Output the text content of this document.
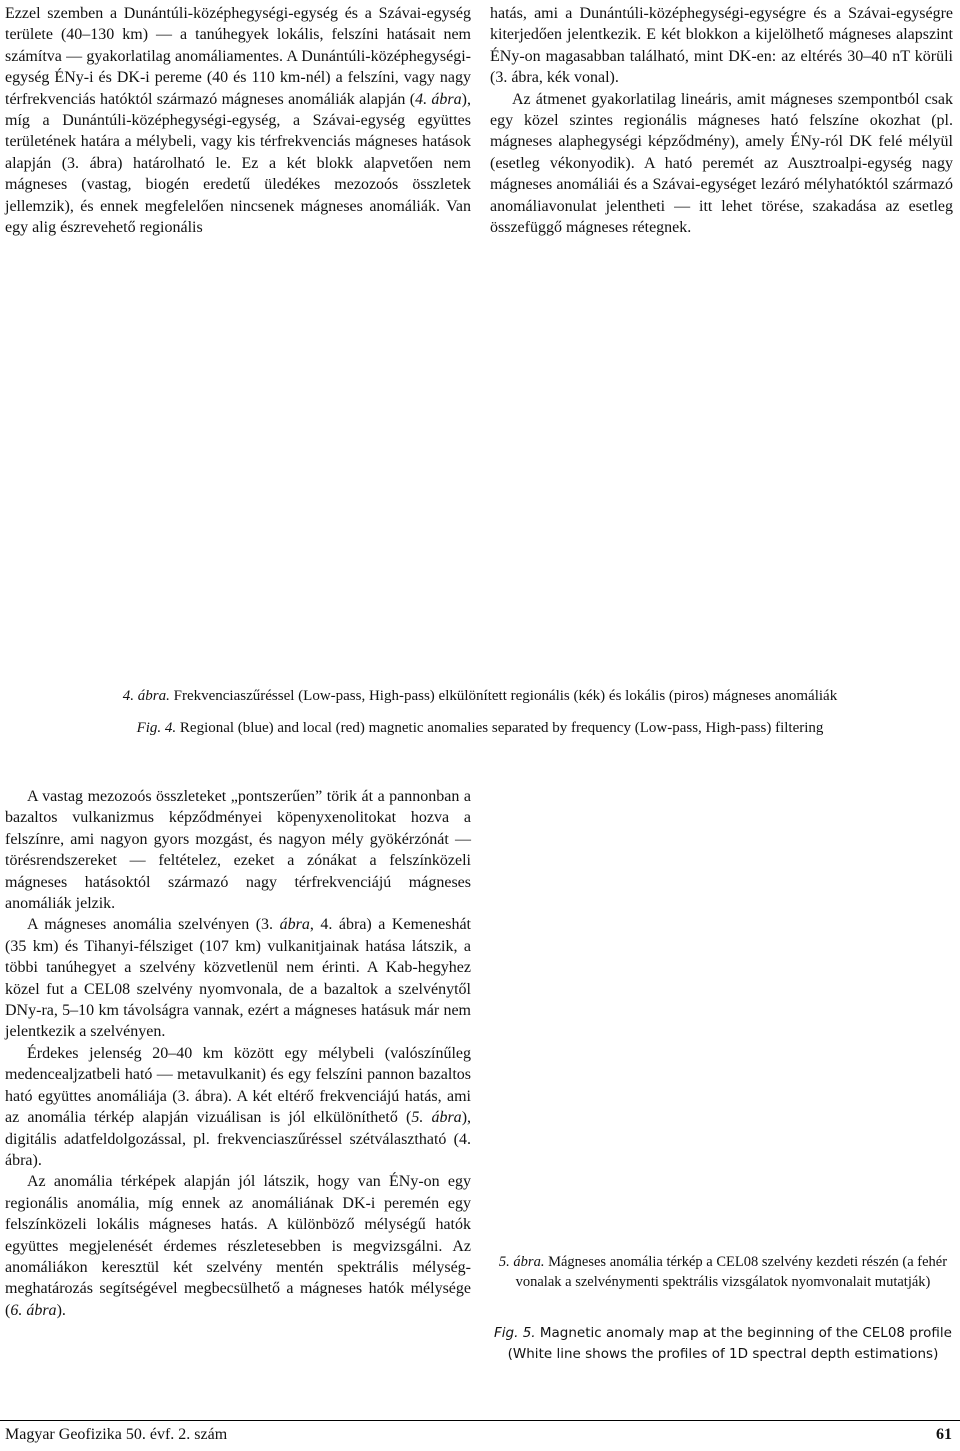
Ezzel szemben a Dunántúli-középhegységi-egység és a Szávai-egység területe (40–130 km) — a tanúhegyek lokális, felszíni hatásait nem számítva — gyakorlatilag anomáliamentes. A Dunántúli-középhegységi-egység ÉNy-i és DK-i pereme (40 és 110 km-nél) a felszíni, vagy nagy térfrekvenciás hatóktól származó mágneses anomáliák alapján (4. ábra), míg a Dunántúli-középhegységi-egység, a Szávai-egység együttes területének határa a mélybeli, vagy kis térfrekvenciás mágneses hatások alapján (3. ábra) határolható le. Ez a két blokk alapvetően nem mágneses (vastag, biogén eredetű üledékes mezozoós összletek jellemzik), és ennek megfelelően nincsenek mágneses anomáliák. Van egy alig észrevehető regionális

hatás, ami a Dunántúli-középhegységi-egységre és a Szávai-egységre kiterjedően jelentkezik. E két blokkon a kijelölhető mágneses alapszint ÉNy-on magasabban található, mint DK-en: az eltérés 30–40 nT körüli (3. ábra, kék vonal).

Az átmenet gyakorlatilag lineáris, amit mágneses szempontból csak egy közel szintes regionális mágneses ható felszíne okozhat (pl. mágneses alaphegységi képződmény), amely ÉNy-ról DK felé mélyül (esetleg vékonyodik). A ható peremét az Ausztroalpi-egység nagy mágneses anomáliái és a Szávai-egységet lezáró mélyhatóktól származó anomáliavonulat jelentheti — itt lehet törése, szakadása az esetleg összefüggő mágneses rétegnek.

4. ábra. Frekvenciaszűréssel (Low-pass, High-pass) elkülönített regionális (kék) és lokális (piros) mágneses anomáliák
Fig. 4. Regional (blue) and local (red) magnetic anomalies separated by frequency (Low-pass, High-pass) filtering

A vastag mezozoós összleteket „pontszerűen” törik át a pannonban a bazaltos vulkanizmus képződményei köpenyxenolitokat hozva a felszínre, ami nagyon gyors mozgást, és nagyon mély gyökérzónát — törésrendszereket — feltételez, ezeket a zónákat a felszínközeli mágneses hatásoktól származó nagy térfrekvenciájú mágneses anomáliák jelzik.

A mágneses anomália szelvényen (3. ábra, 4. ábra) a Kemeneshát (35 km) és Tihanyi-félsziget (107 km) vulkanitjainak hatása látszik, a többi tanúhegyet a szelvény közvetlenül nem érinti. A Kab-hegyhez közel fut a CEL08 szelvény nyomvonala, de a bazaltok a szelvénytől DNy-ra, 5–10 km távolságra vannak, ezért a mágneses hatásuk már nem jelentkezik a szelvényen.

Érdekes jelenség 20–40 km között egy mélybeli (valószínűleg medencealjzatbeli ható — metavulkanit) és egy felszíni pannon bazaltos ható együttes anomáliája (3. ábra). A két eltérő frekvenciájú hatás, ami az anomália térkép alapján vizuálisan is jól elkülöníthető (5. ábra), digitális adatfeldolgozással, pl. frekvenciaszűréssel szétválasztható (4. ábra).

Az anomália térképek alapján jól látszik, hogy van ÉNy-on egy regionális anomália, míg ennek az anomáliának DK-i peremén egy felszínközeli lokális mágneses hatás. A különböző mélységű hatók együttes megjelenését érdemes részletesebben is megvizsgálni. Az anomáliákon keresztül két szelvény mentén spektrális mélység-meghatározás segítségével megbecsülhető a mágneses hatók mélysége (6. ábra).

5. ábra. Mágneses anomália térkép a CEL08 szelvény kezdeti részén (a fehér vonalak a szelvénymenti spektrális vizsgálatok nyomvonalait mutatják)
Fig. 5. Magnetic anomaly map at the beginning of the CEL08 profile (White line shows the profiles of 1D spectral depth estimations)
Magyar Geofizika 50. évf. 2. szám	61
